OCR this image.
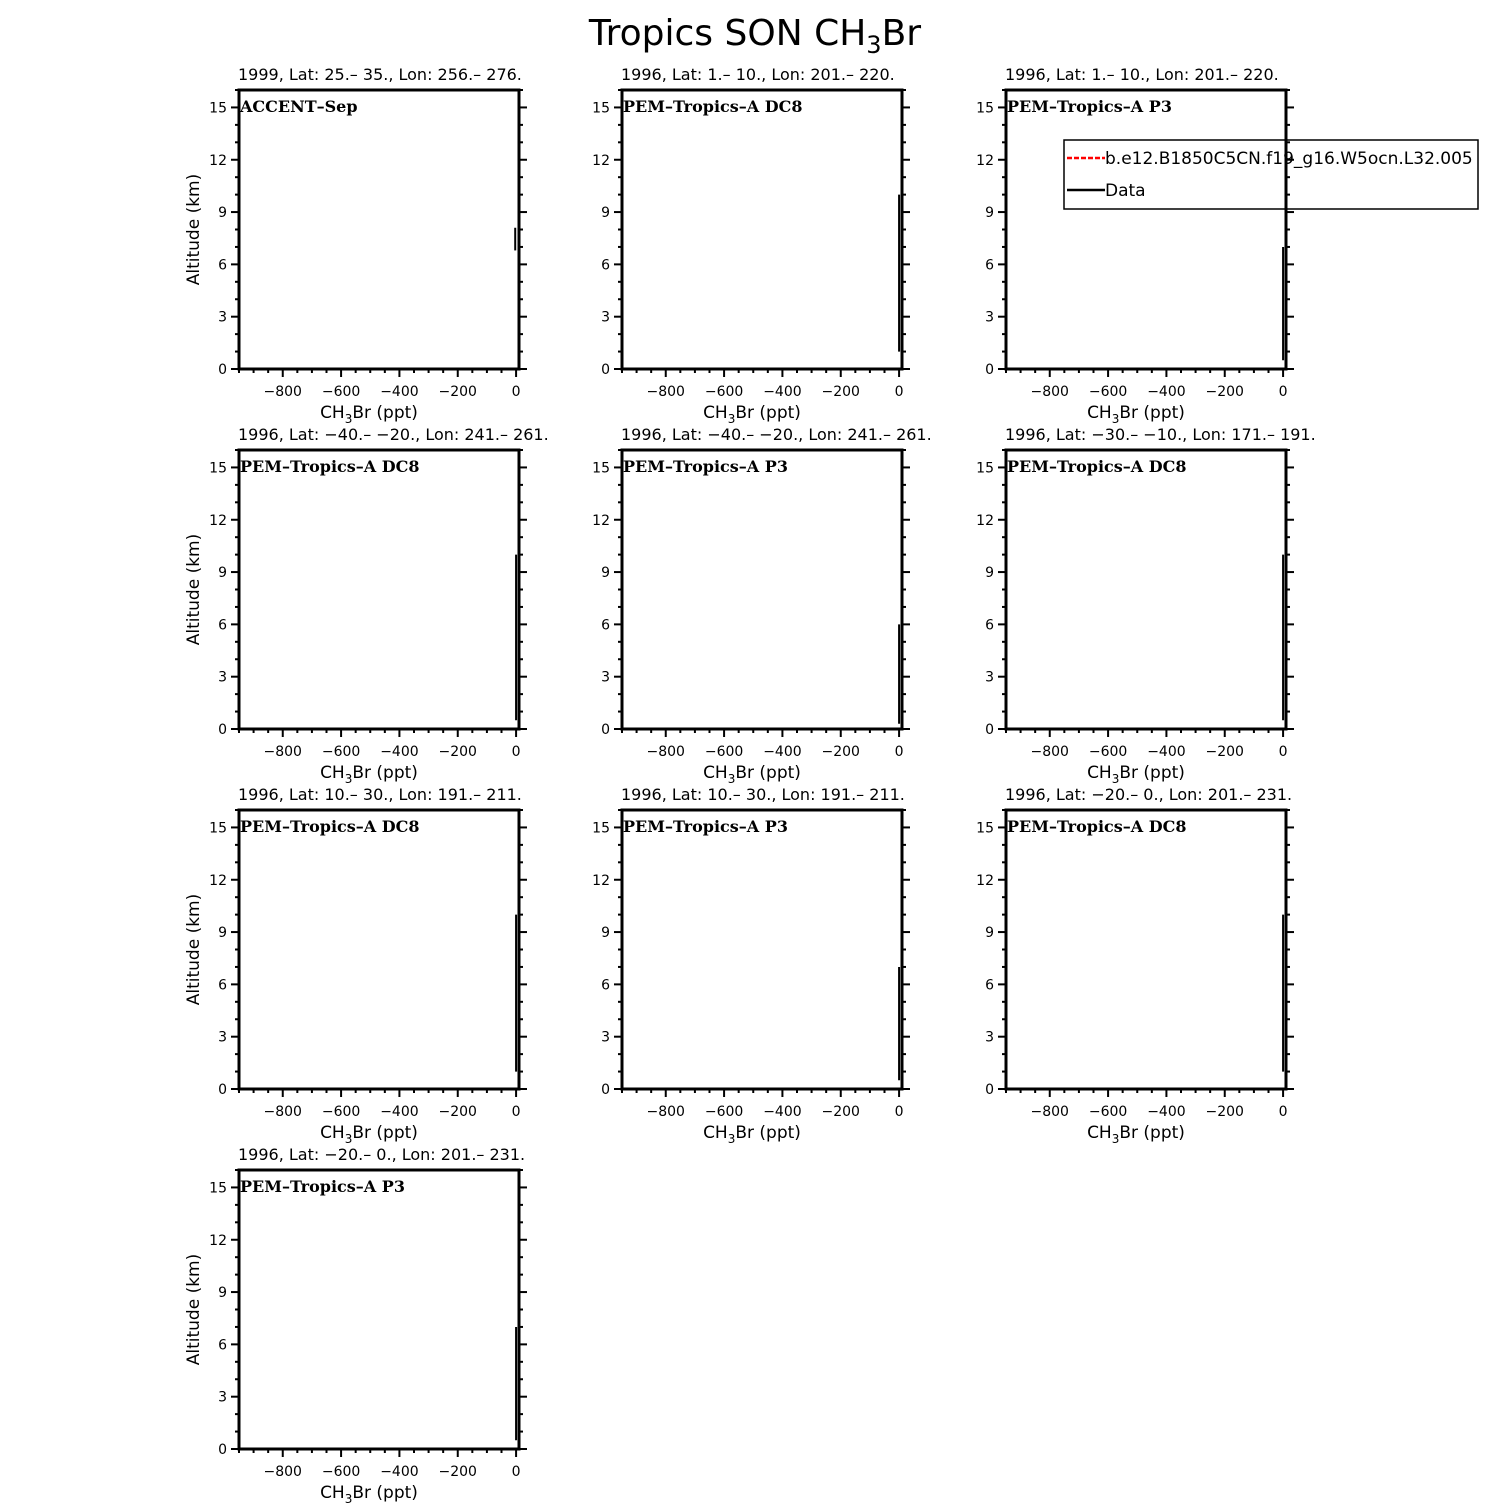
Tropics SON $CH_3Br$
1999, Lat: 25.– 35., Lon: 256.– 276.
0
3
6
9
12
15
−800 −600 −400 −200 0
ACCENT–Sep
$CH_3Br$ (ppt)
Altitude (km)
1996, Lat: 1.– 10., Lon: 201.– 220.
0
3
6
9
12
15
−800 −600 −400 −200 0
PEM–Tropics–A DC8
$CH_3Br$ (ppt)
1996, Lat: 1.– 10., Lon: 201.– 220.
0
3
6
9
12
15
−800 −600 −400 −200 0
PEM–Tropics–A P3
$CH_3Br$ (ppt)
b.e12.B1850C5CN.f19_g16.W5ocn.L32.005
Data
1996, Lat: −40.– −20., Lon: 241.– 261.
0
3
6
9
12
15
−800 −600 −400 −200 0
PEM–Tropics–A DC8
$CH_3Br$ (ppt)
Altitude (km)
1996, Lat: −40.– −20., Lon: 241.– 261.
0
3
6
9
12
15
−800 −600 −400 −200 0
PEM–Tropics–A P3
$CH_3Br$ (ppt)
1996, Lat: −30.– −10., Lon: 171.– 191.
0
3
6
9
12
15
−800 −600 −400 −200 0
PEM–Tropics–A DC8
$CH_3Br$ (ppt)
1996, Lat: 10.– 30., Lon: 191.– 211.
0
3
6
9
12
15
−800 −600 −400 −200 0
PEM–Tropics–A DC8
$CH_3Br$ (ppt)
Altitude (km)
1996, Lat: 10.– 30., Lon: 191.– 211.
0
3
6
9
12
15
−800 −600 −400 −200 0
PEM–Tropics–A P3
$CH_3Br$ (ppt)
1996, Lat: −20.– 0., Lon: 201.– 231.
0
3
6
9
12
15
−800 −600 −400 −200 0
PEM–Tropics–A DC8
$CH_3Br$ (ppt)
1996, Lat: −20.– 0., Lon: 201.– 231.
0
3
6
9
12
15
−800 −600 −400 −200 0
PEM–Tropics–A P3
$CH_3Br$ (ppt)
Altitude (km)
